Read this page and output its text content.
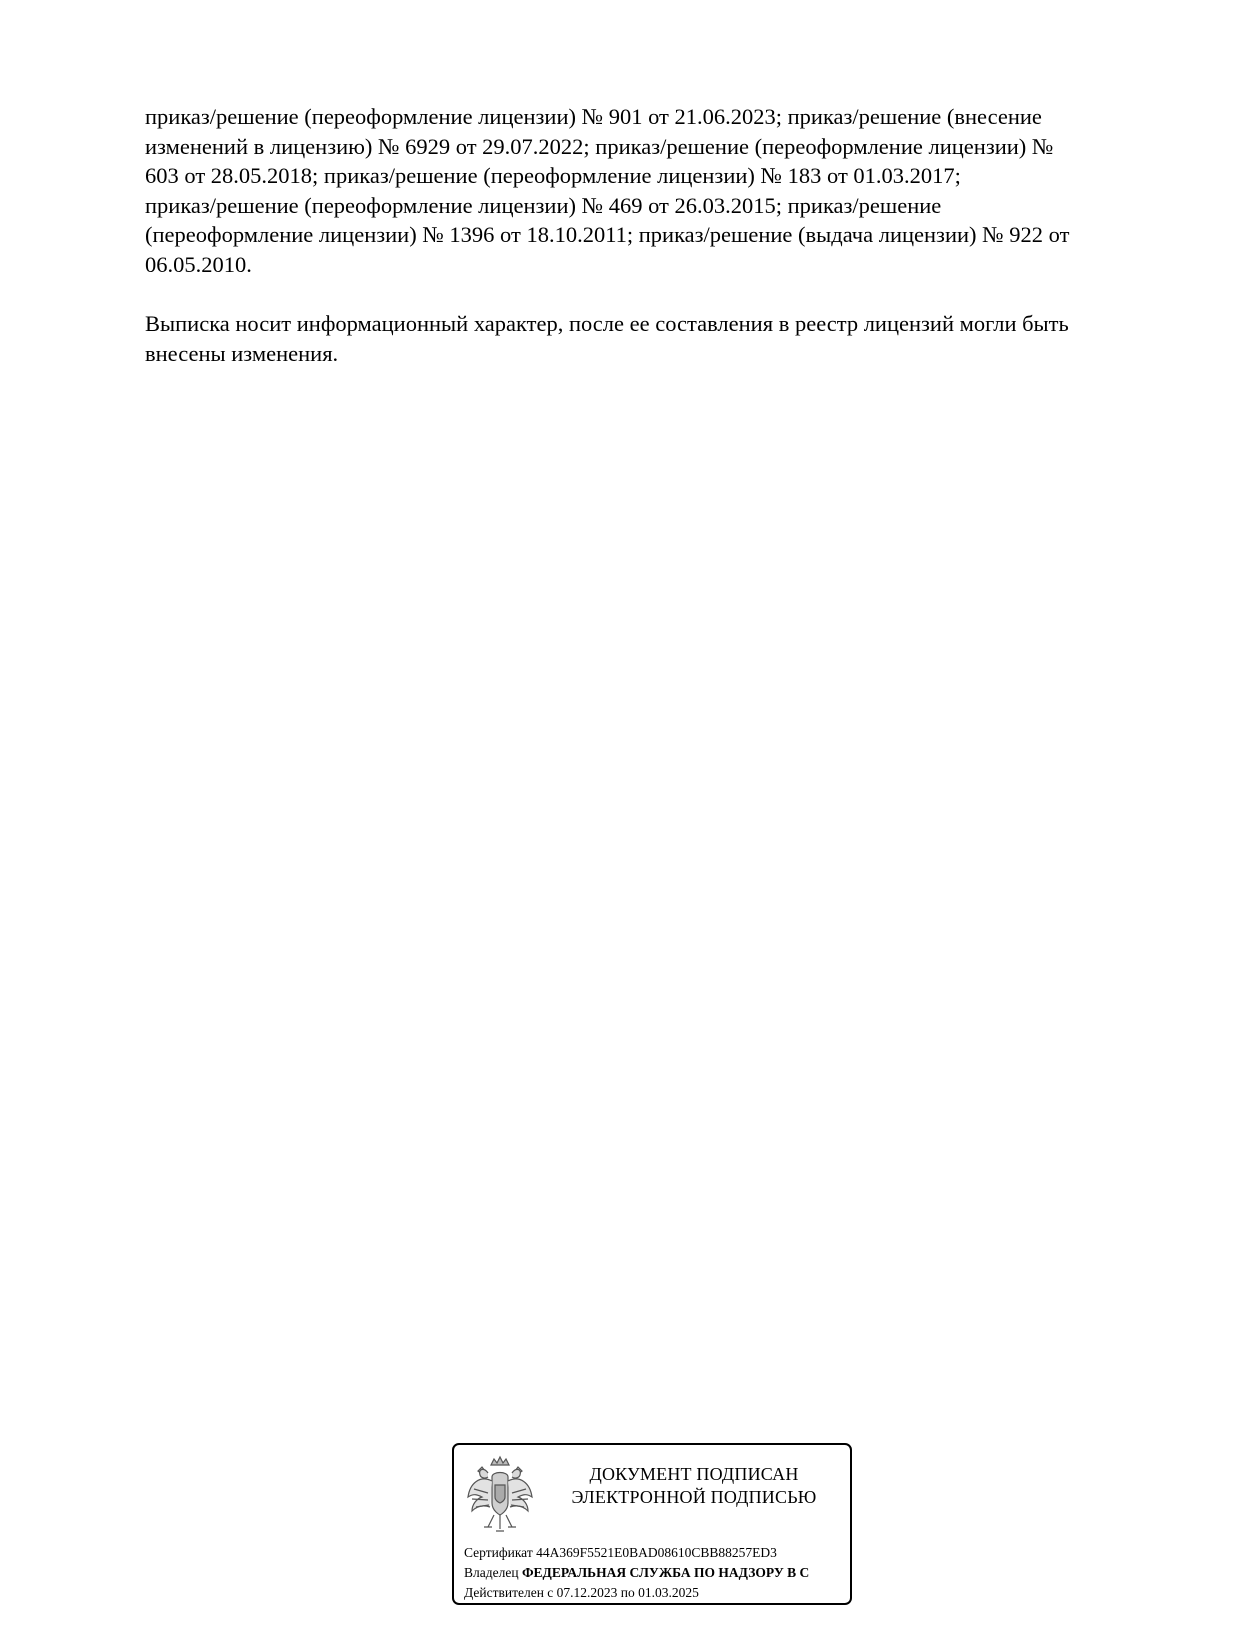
приказ/решение (переоформление лицензии) № 901 от 21.06.2023; приказ/решение (внесение
изменений в лицензию) № 6929 от 29.07.2022; приказ/решение (переоформление лицензии) №
603 от 28.05.2018; приказ/решение (переоформление лицензии) № 183 от 01.03.2017;
приказ/решение (переоформление лицензии) № 469 от 26.03.2015; приказ/решение
(переоформление лицензии) № 1396 от 18.10.2011; приказ/решение (выдача лицензии) № 922 от
06.05.2010.

Выписка носит информационный характер, после ее составления в реестр лицензий могли быть
внесены изменения.

ДОКУМЕНТ ПОДПИСАН
ЭЛЕКТРОННОЙ ПОДПИСЬЮ
Сертификат 44A369F5521E0BAD08610CBB88257ED3
Владелец ФЕДЕРАЛЬНАЯ СЛУЖБА ПО НАДЗОРУ В С
Действителен с 07.12.2023 по 01.03.2025
